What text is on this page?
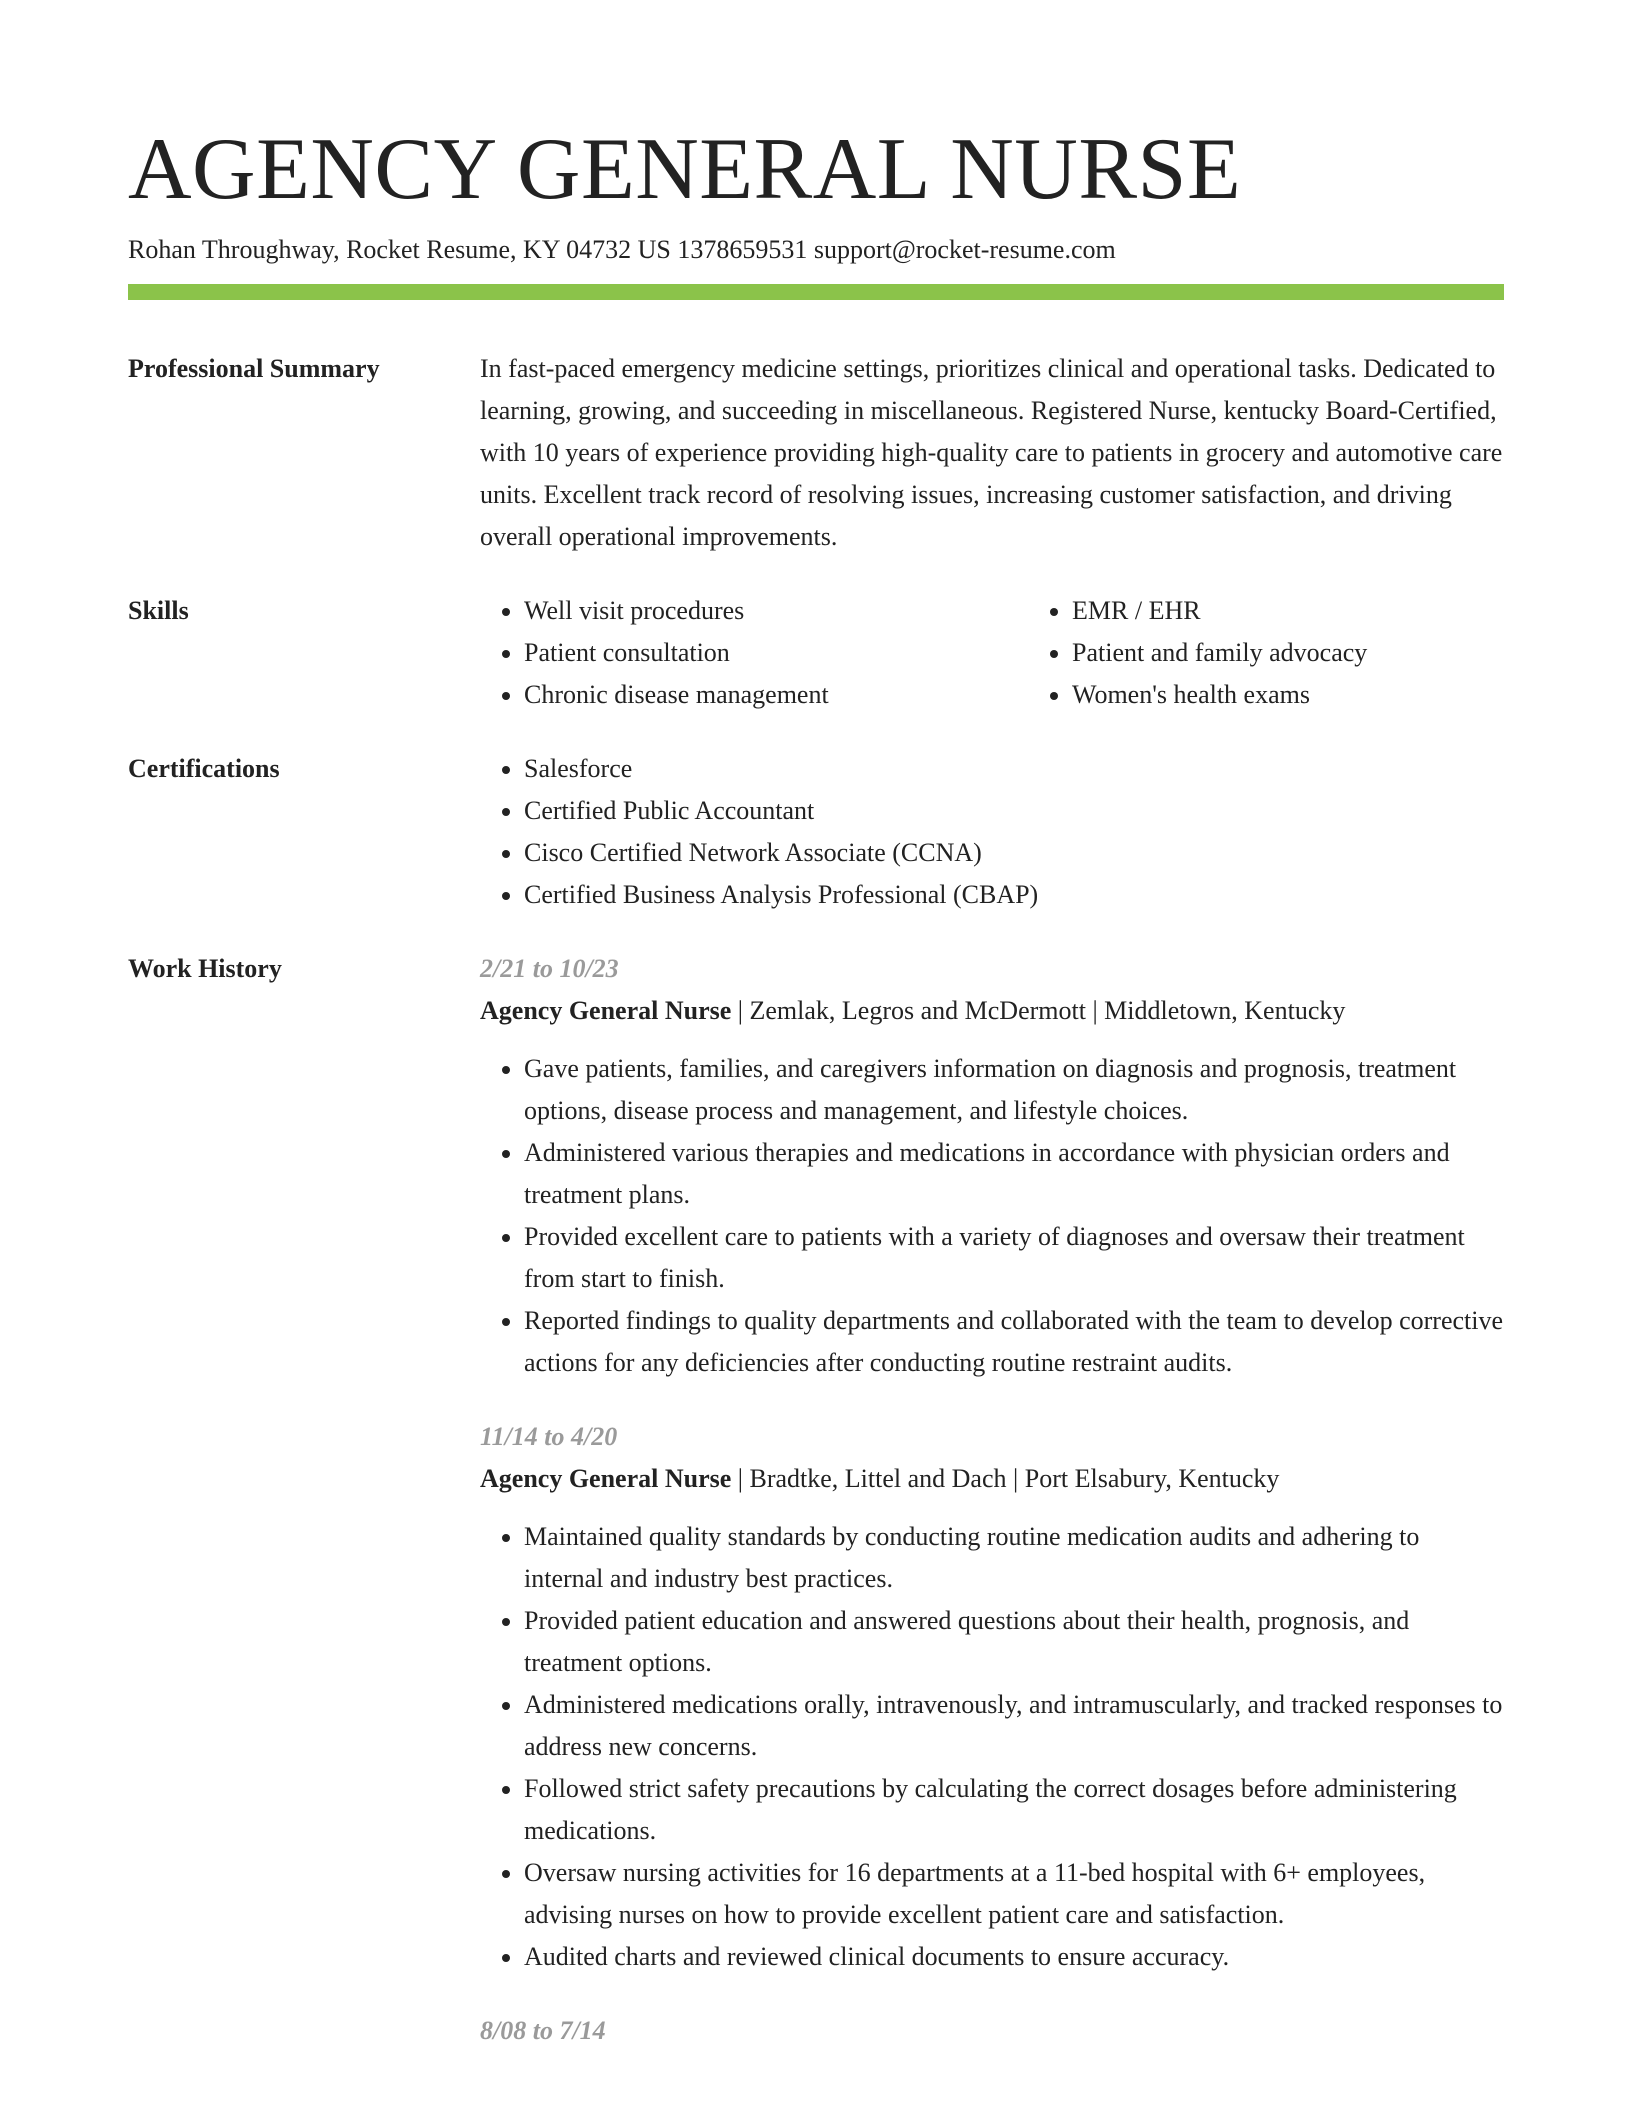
AGENCY GENERAL NURSE
Rohan Throughway, Rocket Resume, KY 04732 US 1378659531 support@rocket-resume.com
Professional Summary	In fast-paced emergency medicine settings, prioritizes clinical and operational tasks. Dedicated to learning, growing, and succeeding in miscellaneous. Registered Nurse, kentucky Board-Certified, with 10 years of experience providing high-quality care to patients in grocery and automotive care units. Excellent track record of resolving issues, increasing customer satisfaction, and driving overall operational improvements.

Skills	• Well visit procedures
• Patient consultation
• Chronic disease management
• EMR / EHR
• Patient and family advocacy
• Women's health exams
Certifications	• Salesforce
• Certified Public Accountant
• Cisco Certified Network Associate (CCNA)
• Certified Business Analysis Professional (CBAP)
Work History	2/21 to 10/23
Agency General Nurse | Zemlak, Legros and McDermott | Middletown, Kentucky
• Gave patients, families, and caregivers information on diagnosis and prognosis, treatment options, disease process and management, and lifestyle choices.
• Administered various therapies and medications in accordance with physician orders and treatment plans.
• Provided excellent care to patients with a variety of diagnoses and oversaw their treatment from start to finish.
• Reported findings to quality departments and collaborated with the team to develop corrective actions for any deficiencies after conducting routine restraint audits.
11/14 to 4/20
Agency General Nurse | Bradtke, Littel and Dach | Port Elsabury, Kentucky
• Maintained quality standards by conducting routine medication audits and adhering to internal and industry best practices.
• Provided patient education and answered questions about their health, prognosis, and treatment options.
• Administered medications orally, intravenously, and intramuscularly, and tracked responses to address new concerns.
• Followed strict safety precautions by calculating the correct dosages before administering medications.
• Oversaw nursing activities for 16 departments at a 11-bed hospital with 6+ employees, advising nurses on how to provide excellent patient care and satisfaction.
• Audited charts and reviewed clinical documents to ensure accuracy.
8/08 to 7/14
